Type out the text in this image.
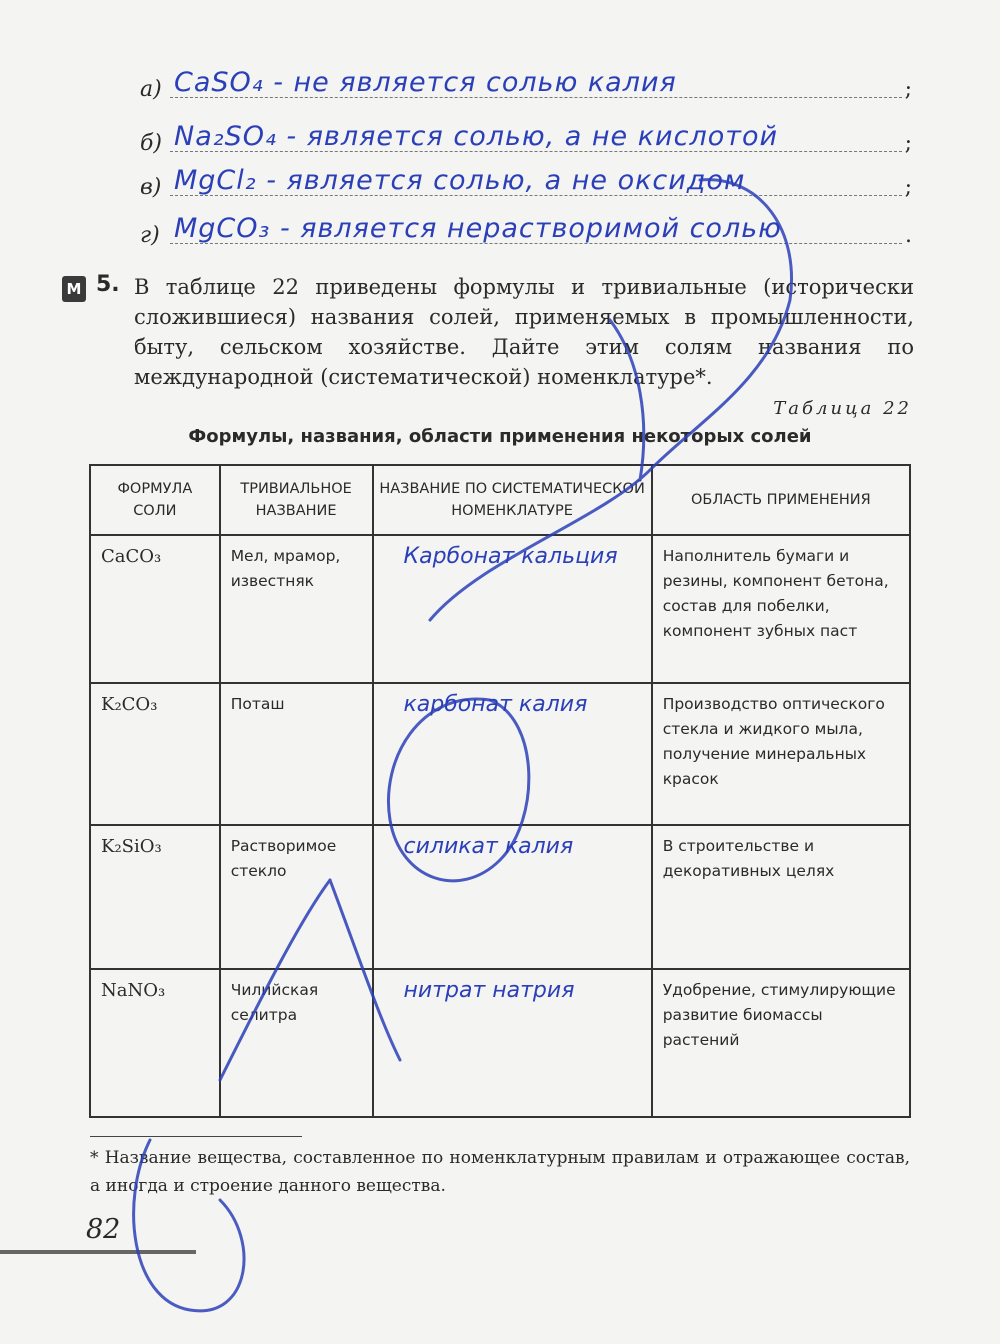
а) CaSO₄ - не является солью калия	;
б) Na₂SO₄ - является солью, а не кислотой	;
в) MgCl₂ - является солью, а не оксидом	;
г) MgCO₃ - является нерастворимой солью	.
М 5. В таблице 22 приведены формулы и тривиальные (исторически сложившиеся) названия солей, применяемых в промышленности, быту, сельском хозяйстве. Дайте этим солям названия по международной (систематической) номенклатуре*.
Таблица 22
Формулы, названия, области применения некоторых солей
ФОРМУЛА СОЛИ	ТРИВИАЛЬНОЕ НАЗВАНИЕ	НАЗВАНИЕ ПО СИСТЕМАТИЧЕСКОЙ НОМЕНКЛАТУРЕ	ОБЛАСТЬ ПРИМЕНЕНИЯ
CaCO₃	Мел, мрамор, известняк	Карбонат кальция	Наполнитель бумаги и резины, компонент бетона, состав для побелки, компонент зубных паст
K₂CO₃	Поташ	карбонат калия	Производство оптического стекла и жидкого мыла, получение минеральных красок
K₂SiO₃	Растворимое стекло	силикат калия	В строительстве и декоративных целях
NaNO₃	Чилийская селитра	нитрат натрия	Удобрение, стимулирующие развитие биомассы растений
* Название вещества, составленное по номенклатурным правилам и отражающее состав, а иногда и строение данного вещества.
82
